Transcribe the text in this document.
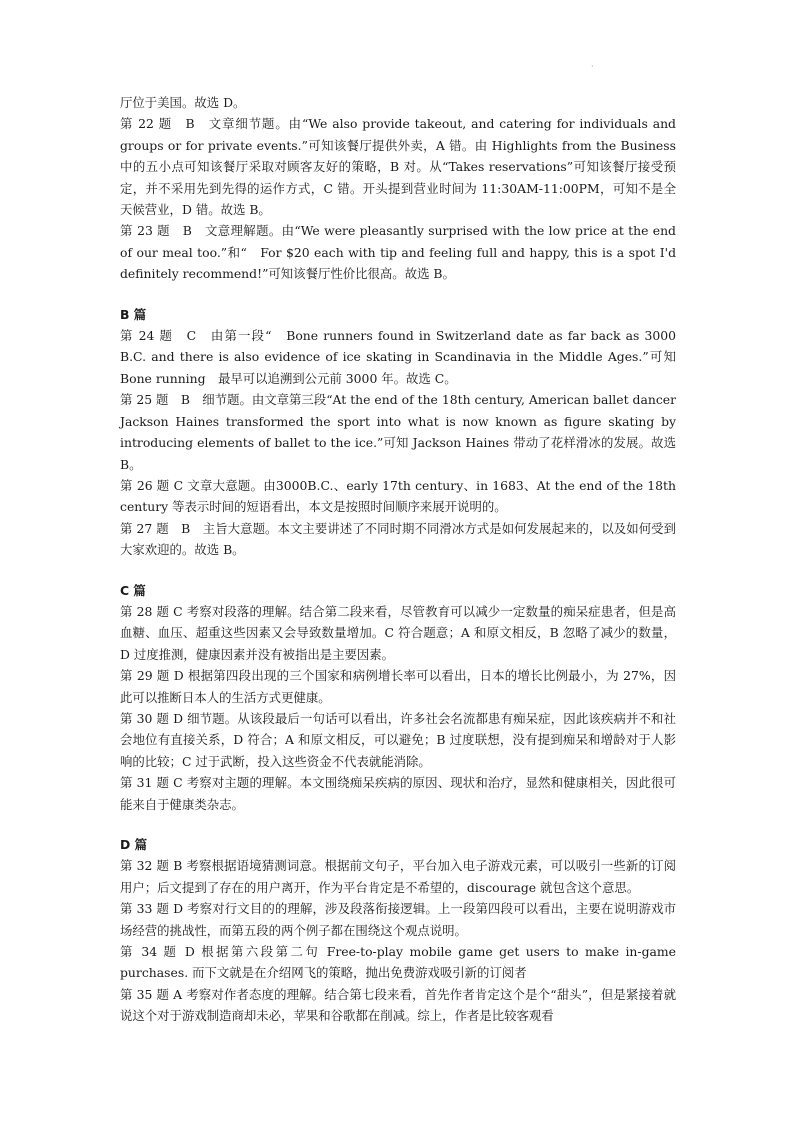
·

厅位于美国。故选 D。

第 22 题　B　文章细节题。由“We also provide takeout, and catering for individuals and groups or for private events.”可知该餐厅提供外卖，A 错。由 Highlights from the Business 中的五小点可知该餐厅采取对顾客友好的策略，B 对。从“Takes reservations”可知该餐厅接受预定，并不采用先到先得的运作方式，C 错。开头提到营业时间为 11:30AM-11:00PM，可知不是全天候营业，D 错。故选 B。

第 23 题　B　文意理解题。由“We were pleasantly surprised with the low price at the end of our meal too.”和“　For $20 each with tip and feeling full and happy, this is a spot I'd definitely recommend!”可知该餐厅性价比很高。故选 B。

B 篇

第 24 题　C　由第一段“　Bone runners found in Switzerland date as far back as 3000 B.C. and there is also evidence of ice skating in Scandinavia in the Middle Ages.”可知 Bone running　最早可以追溯到公元前 3000 年。故选 C。

第 25 题　B　细节题。由文章第三段“At the end of the 18th century, American ballet dancer Jackson Haines transformed the sport into what is now known as figure skating by introducing elements of ballet to the ice.”可知 Jackson Haines 带动了花样滑冰的发展。故选 B。

第 26 题 C 文章大意题。由3000B.C.、early 17th century、in 1683、At the end of the 18th century 等表示时间的短语看出，本文是按照时间顺序来展开说明的。

第 27 题　B　主旨大意题。本文主要讲述了不同时期不同滑冰方式是如何发展起来的，以及如何受到大家欢迎的。故选 B。

C 篇

第 28 题 C 考察对段落的理解。结合第二段来看，尽管教育可以减少一定数量的痴呆症患者，但是高血糖、血压、超重这些因素又会导致数量增加。C 符合题意；A 和原文相反，B 忽略了减少的数量，D 过度推测，健康因素并没有被指出是主要因素。

第 29 题 D 根据第四段出现的三个国家和病例增长率可以看出，日本的增长比例最小，为 27%，因此可以推断日本人的生活方式更健康。

第 30 题 D 细节题。从该段最后一句话可以看出，许多社会名流都患有痴呆症，因此该疾病并不和社会地位有直接关系，D 符合；A 和原文相反，可以避免；B 过度联想，没有提到痴呆和增龄对于人影响的比较；C 过于武断，投入这些资金不代表就能消除。

第 31 题 C 考察对主题的理解。本文围绕痴呆疾病的原因、现状和治疗，显然和健康相关，因此很可能来自于健康类杂志。

D 篇

第 32 题 B 考察根据语境猜测词意。根据前文句子，平台加入电子游戏元素，可以吸引一些新的订阅用户；后文提到了存在的用户离开，作为平台肯定是不希望的，discourage 就包含这个意思。

第 33 题 D 考察对行文目的的理解，涉及段落衔接逻辑。上一段第四段可以看出，主要在说明游戏市场经营的挑战性，而第五段的两个例子都在围绕这个观点说明。

第 34 题 D 根据第六段第二句 Free-to-play mobile game get users to make in-game purchases. 而下文就是在介绍网飞的策略，抛出免费游戏吸引新的订阅者

第 35 题 A 考察对作者态度的理解。结合第七段来看，首先作者肯定这个是个“甜头”，但是紧接着就说这个对于游戏制造商却未必，苹果和谷歌都在削减。综上，作者是比较客观看
